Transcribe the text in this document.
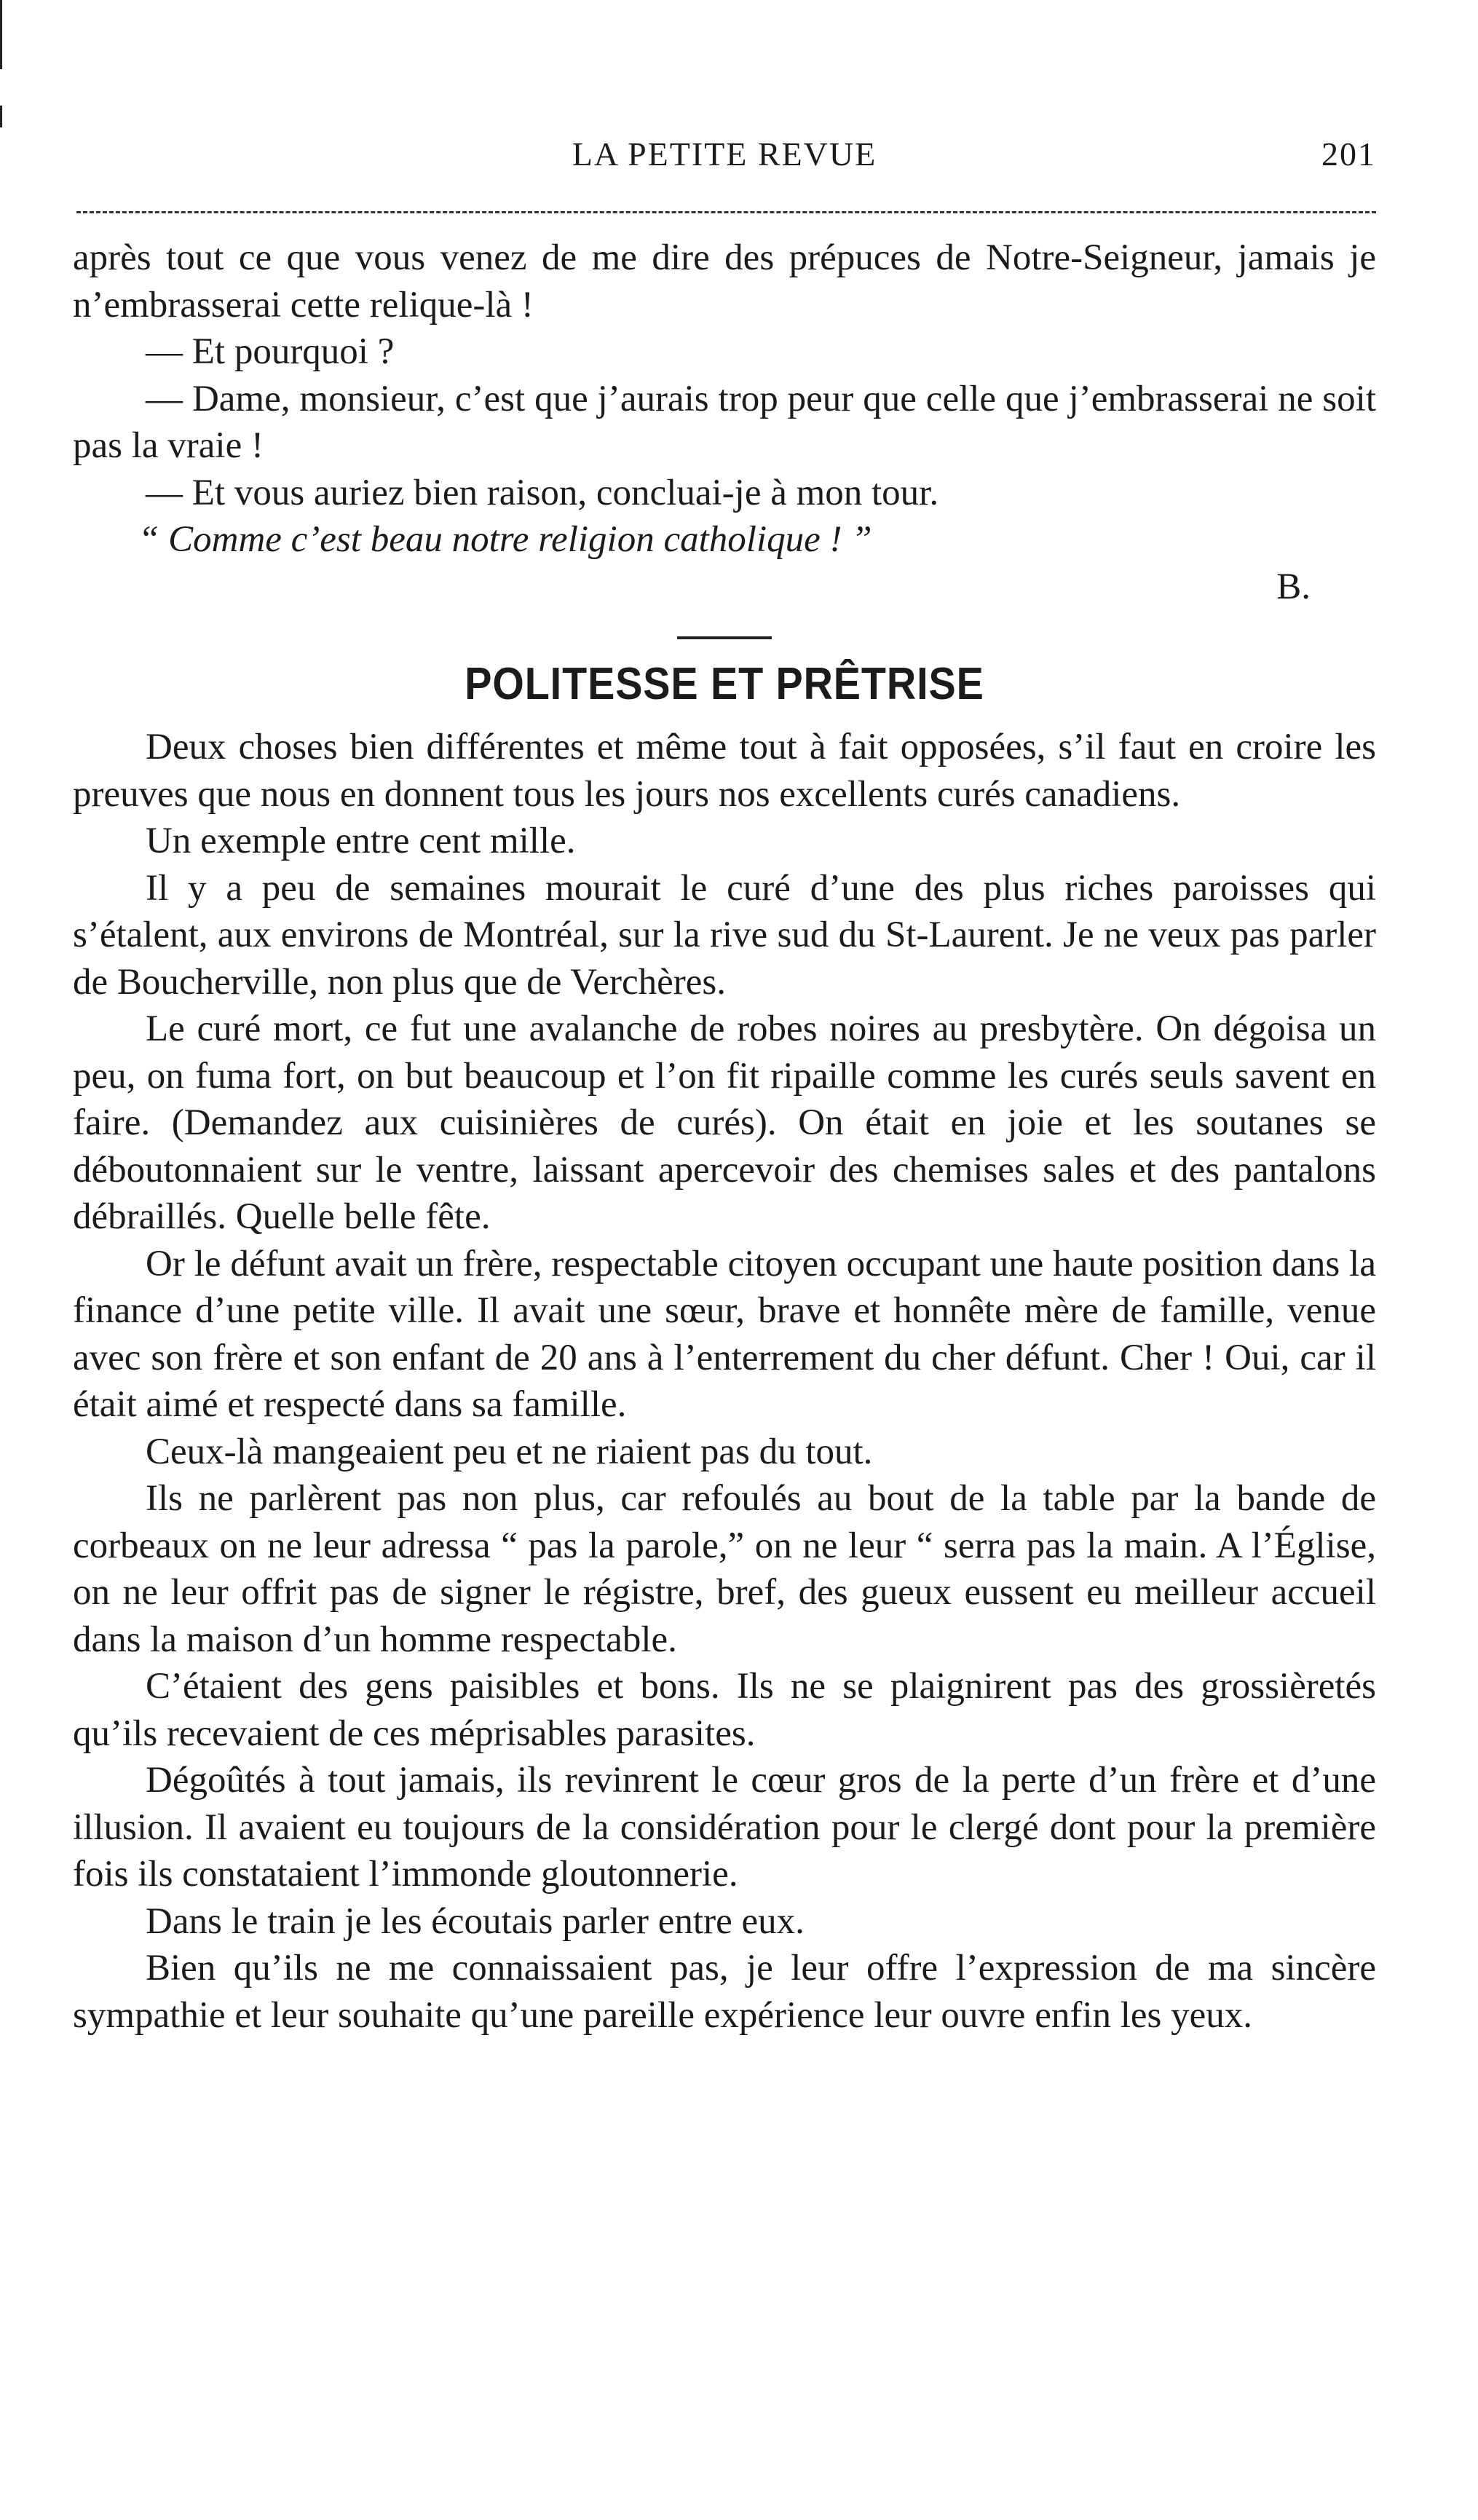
LA PETITE REVUE	201

après tout ce que vous venez de me dire des prépuces de Notre-Seigneur, jamais je n’embrasserai cette relique-là !

— Et pourquoi ?

— Dame, monsieur, c’est que j’aurais trop peur que celle que j’embrasserai ne soit pas la vraie !

— Et vous auriez bien raison, concluai-je à mon tour.

“ Comme c’est beau notre religion catholique ! ”

B.

POLITESSE ET PRÊTRISE

Deux choses bien différentes et même tout à fait opposées, s’il faut en croire les preuves que nous en donnent tous les jours nos excellents curés canadiens.

Un exemple entre cent mille.

Il y a peu de semaines mourait le curé d’une des plus riches paroisses qui s’étalent, aux environs de Montréal, sur la rive sud du St-Laurent. Je ne veux pas parler de Boucherville, non plus que de Verchères.

Le curé mort, ce fut une avalanche de robes noires au presbytère. On dégoisa un peu, on fuma fort, on but beaucoup et l’on fit ripaille comme les curés seuls savent en faire. (Demandez aux cuisinières de curés). On était en joie et les soutanes se déboutonnaient sur le ventre, laissant apercevoir des chemises sales et des pantalons débraillés. Quelle belle fête.

Or le défunt avait un frère, respectable citoyen occupant une haute position dans la finance d’une petite ville. Il avait une sœur, brave et honnête mère de famille, venue avec son frère et son enfant de 20 ans à l’enterrement du cher défunt. Cher ! Oui, car il était aimé et respecté dans sa famille.

Ceux-là mangeaient peu et ne riaient pas du tout.

Ils ne parlèrent pas non plus, car refoulés au bout de la table par la bande de corbeaux on ne leur adressa “ pas la parole,” on ne leur “ serra pas la main. A l’Église, on ne leur offrit pas de signer le régistre, bref, des gueux eussent eu meilleur accueil dans la maison d’un homme respectable.

C’étaient des gens paisibles et bons. Ils ne se plaignirent pas des grossièretés qu’ils recevaient de ces méprisables parasites.

Dégoûtés à tout jamais, ils revinrent le cœur gros de la perte d’un frère et d’une illusion. Il avaient eu toujours de la considération pour le clergé dont pour la première fois ils constataient l’immonde gloutonnerie.

Dans le train je les écoutais parler entre eux.

Bien qu’ils ne me connaissaient pas, je leur offre l’expression de ma sincère sympathie et leur souhaite qu’une pareille expérience leur ouvre enfin les yeux.
